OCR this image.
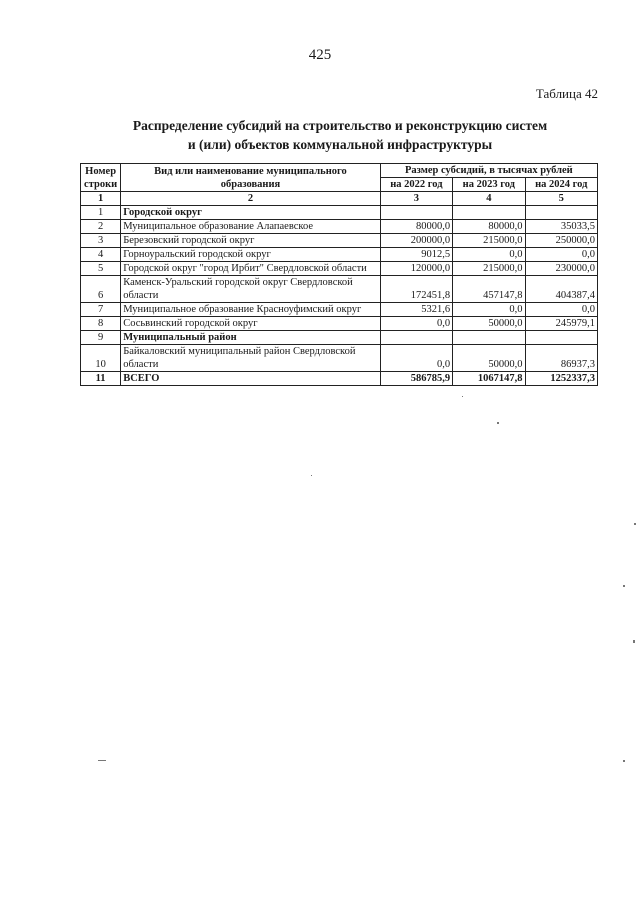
425
Таблица 42
Распределение субсидий на строительство и реконструкцию систем
и (или) объектов коммунальной инфраструктуры
Номер строки	Вид или наименование муниципального образования	Размер субсидий, в тысячах рублей		
		на 2022 год	на 2023 год	на 2024 год
1	2	3	4	5
1	Городской округ			
2	Муниципальное образование Алапаевское	80000,0	80000,0	35033,5
3	Березовский городской округ	200000,0	215000,0	250000,0
4	Горноуральский городской округ	9012,5	0,0	0,0
5	Городской округ "город Ирбит" Свердловской области	120000,0	215000,0	230000,0
6	Каменск-Уральский городской округ Свердловской области	172451,8	457147,8	404387,4
7	Муниципальное образование Красноуфимский округ	5321,6	0,0	0,0
8	Сосьвинский городской округ	0,0	50000,0	245979,1
9	Муниципальный район			
10	Байкаловский муниципальный район Свердловской области	0,0	50000,0	86937,3
11	ВСЕГО	586785,9	1067147,8	1252337,3
